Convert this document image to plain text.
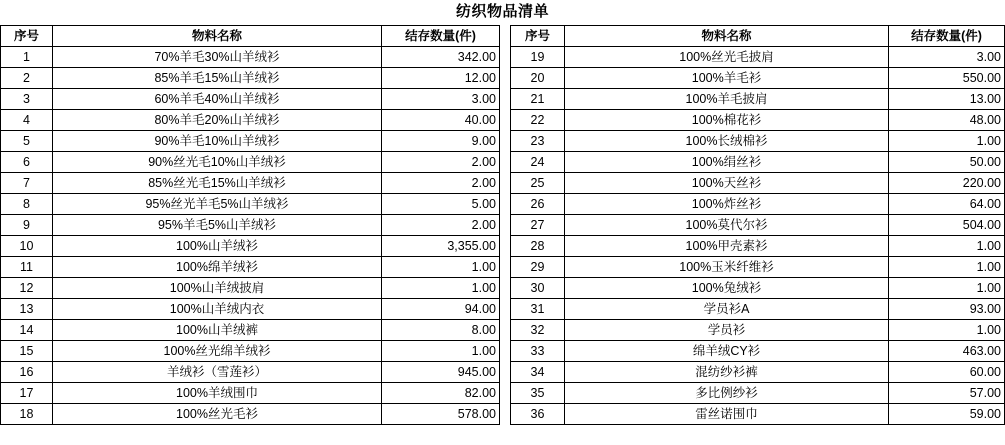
纺织物品清单
序号	物料名称	结存数量(件)
1	70%羊毛30%山羊绒衫	342.00
2	85%羊毛15%山羊绒衫	12.00
3	60%羊毛40%山羊绒衫	3.00
4	80%羊毛20%山羊绒衫	40.00
5	90%羊毛10%山羊绒衫	9.00
6	90%丝光毛10%山羊绒衫	2.00
7	85%丝光毛15%山羊绒衫	2.00
8	95%丝光羊毛5%山羊绒衫	5.00
9	95%羊毛5%山羊绒衫	2.00
10	100%山羊绒衫	3,355.00
11	100%绵羊绒衫	1.00
12	100%山羊绒披肩	1.00
13	100%山羊绒内衣	94.00
14	100%山羊绒裤	8.00
15	100%丝光绵羊绒衫	1.00
16	羊绒衫（雪莲衫）	945.00
17	100%羊绒围巾	82.00
18	100%丝光毛衫	578.00
序号	物料名称	结存数量(件)
19	100%丝光毛披肩	3.00
20	100%羊毛衫	550.00
21	100%羊毛披肩	13.00
22	100%棉花衫	48.00
23	100%长绒棉衫	1.00
24	100%绢丝衫	50.00
25	100%天丝衫	220.00
26	100%炸丝衫	64.00
27	100%莫代尔衫	504.00
28	100%甲壳素衫	1.00
29	100%玉米纤维衫	1.00
30	100%兔绒衫	1.00
31	学员衫A	93.00
32	学员衫	1.00
33	绵羊绒CY衫	463.00
34	混纺纱衫裤	60.00
35	多比例纱衫	57.00
36	雷丝诺围巾	59.00
